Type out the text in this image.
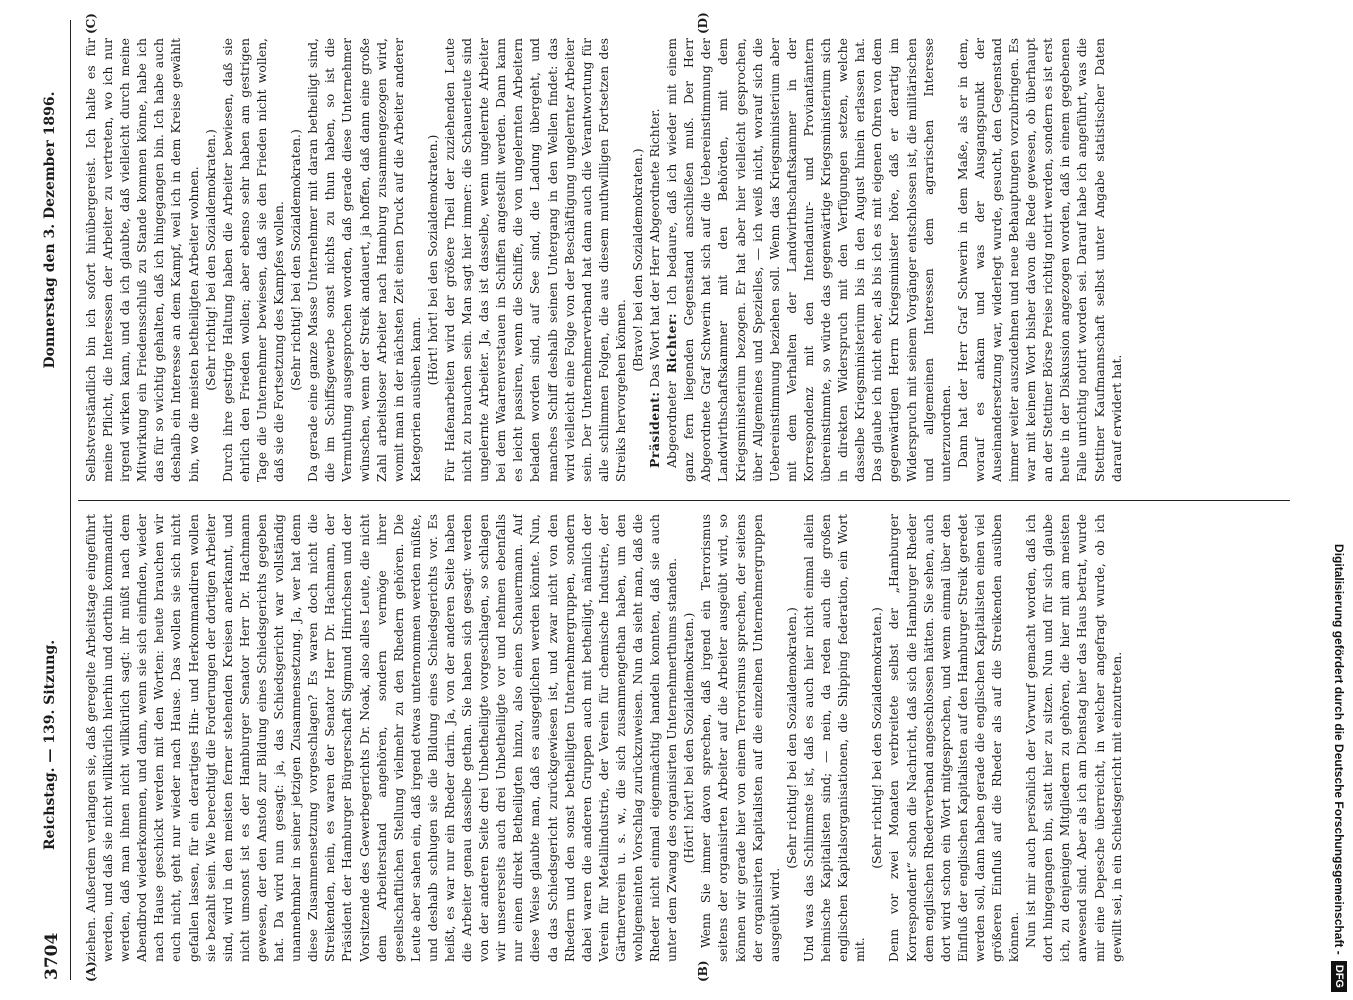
3704
Reichstag. — 139. Sitzung.
Donnerstag den 3. Dezember 1896.
(A)	(B)
(C)	(D)

ziehen. Außerdem verlangen sie, daß geregelte Arbeitstage eingeführt werden, und daß sie nicht willkürlich hierhin und dorthin kommandirt werden, daß man ihnen nicht willkürlich sagt: ihr müßt nach dem Abendbrod wiederkommen, und dann, wenn sie sich einfinden, wieder nach Hause geschickt werden mit den Worten: heute brauchen wir euch nicht, geht nur wieder nach Hause. Das wollen sie sich nicht gefallen lassen, für ein derartiges Hin- und Herkommandiren wollen sie bezahlt sein. Wie berechtigt die Forderungen der dortigen Arbeiter sind, wird in den meisten ferner stehenden Kreisen anerkannt, und nicht umsonst ist es der Hamburger Senator Herr Dr. Hachmann gewesen, der den Anstoß zur Bildung eines Schiedsgerichts gegeben hat. Da wird nun gesagt: ja, das Schiedsgericht war vollständig unannehmbar in seiner jetzigen Zusammensetzung. Ja, wer hat denn diese Zusammensetzung vorgeschlagen? Es waren doch nicht die Streikenden, nein, es waren der Senator Herr Dr. Hachmann, der Präsident der Hamburger Bürgerschaft Sigmund Hinrichsen und der Vorsitzende des Gewerbegerichts Dr. Noak, also alles Leute, die nicht dem Arbeiterstand angehören, sondern vermöge ihrer gesellschaftlichen Stellung vielmehr zu den Rhedern gehören. Die Leute aber sahen ein, daß irgend etwas unternommen werden müßte, und deshalb schlugen sie die Bildung eines Schiedsgerichts vor. Es heißt, es war nur ein Rheder darin. Ja, von der anderen Seite haben die Arbeiter genau dasselbe gethan. Sie haben sich gesagt: werden von der anderen Seite drei Unbetheiligte vorgeschlagen, so schlagen wir unsererseits auch drei Unbetheiligte vor und nehmen ebenfalls nur einen direkt Betheiligten hinzu, also einen Schauermann. Auf diese Weise glaubte man, daß es ausgeglichen werden könnte. Nun, da das Schiedsgericht zurückgewiesen ist, und zwar nicht von den Rhedern und den sonst betheiligten Unternehmergruppen, sondern dabei waren die anderen Gruppen auch mit betheiligt, nämlich der Verein für Metallindustrie, der Verein für chemische Industrie, der Gärtnerverein u. s. w., die sich zusammengethan haben, um den wohlgemeinten Vorschlag zurückzuweisen. Nun da sieht man, daß die Rheder nicht einmal eigenmächtig handeln konnten, daß sie auch unter dem Zwang des organisirten Unternehmerthums standen. (Hört! hört! bei den Sozialdemokraten.) Wenn Sie immer davon sprechen, daß irgend ein Terrorismus seitens der organisirten Arbeiter auf die Arbeiter ausgeübt wird, so können wir gerade hier von einem Terrorismus sprechen, der seitens der organisirten Kapitalisten auf die einzelnen Unternehmergruppen ausgeübt wird.

(Sehr richtig! bei den Sozialdemokraten.) Und was das Schlimmste ist, daß es auch hier nicht einmal allein heimische Kapitalisten sind; — nein, da reden auch die großen englischen Kapitalsorganisationen, die Shipping federation, ein Wort mit.

(Sehr richtig! bei den Sozialdemokraten.) Denn vor zwei Monaten verbreitete selbst der „Hamburger Korrespondent“ schon die Nachricht, daß sich die Hamburger Rheder dem englischen Rhederverband angeschlossen hätten. Sie sehen, auch dort wird schon ein Wort mitgesprochen, und wenn einmal über den Einfluß der englischen Kapitalisten auf den Hamburger Streik geredet werden soll, dann haben gerade die englischen Kapitalisten einen viel größeren Einfluß auf die Rheder als auf die Streikenden ausüben können. Nun ist mir auch persönlich der Vorwurf gemacht worden, daß ich dort hingegangen bin, statt hier zu sitzen. Nun und für sich glaube ich, zu denjenigen Mitgliedern zu gehören, die hier mit am meisten anwesend sind. Aber als ich am Dienstag hier das Haus betrat, wurde mir eine Depesche überreicht, in welcher angefragt wurde, ob ich gewillt sei, in ein Schiedsgericht mit einzutreten.

Selbstverständlich bin ich sofort hinübergereist. Ich halte es für meine Pflicht, die Interessen der Arbeiter zu vertreten, wo ich nur irgend wirken kann, und da ich glaubte, daß vielleicht durch meine Mitwirkung ein Friedensschluß zu Stande kommen könne, habe ich das für so wichtig gehalten, daß ich hingegangen bin. Ich habe auch deshalb ein Interesse an dem Kampf, weil ich in dem Kreise gewählt bin, wo die meisten betheiligten Arbeiter wohnen. (Sehr richtig! bei den Sozialdemokraten.) Durch ihre gestrige Haltung haben die Arbeiter bewiesen, daß sie ehrlich den Frieden wollen; aber ebenso sehr haben am gestrigen Tage die Unternehmer bewiesen, daß sie den Frieden nicht wollen, daß sie die Fortsetzung des Kampfes wollen. (Sehr richtig! bei den Sozialdemokraten.) Da gerade eine ganze Masse Unternehmer mit daran betheiligt sind, die im Schiffsgewerbe sonst nichts zu thun haben, so ist die Vermuthung ausgesprochen worden, daß gerade diese Unternehmer wünschen, wenn der Streik andauert, ja hoffen, daß dann eine große Zahl arbeitsloser Arbeiter nach Hamburg zusammengezogen wird, womit man in der nächsten Zeit einen Druck auf die Arbeiter anderer Kategorien ausüben kann.

(Hört! hört! bei den Sozialdemokraten.) Für Hafenarbeiten wird der größere Theil der zuziehenden Leute nicht zu brauchen sein. Man sagt hier immer: die Schauerleute sind ungelernte Arbeiter. Ja, das ist dasselbe, wenn ungelernte Arbeiter bei dem Waarenverstauen in Schiffen angestellt werden. Dann kann es leicht passiren, wenn die Schiffe, die von ungelernten Arbeitern beladen worden sind, auf See sind, die Ladung übergeht, und manches Schiff deshalb seinen Untergang in den Wellen findet: das wird vielleicht eine Folge von der Beschäftigung ungelernter Arbeiter sein. Der Unternehmerverband hat dann auch die Verantwortung für alle schlimmen Folgen, die aus diesem muthwilligen Fortsetzen des Streiks hervorgehen können.

(Bravo! bei den Sozialdemokraten.)

Präsident: Das Wort hat der Herr Abgeordnete Richter.

Abgeordneter Richter: Ich bedaure, daß ich wieder mit einem ganz fern liegenden Gegenstand anschließen muß. Der Herr Abgeordnete Graf Schwerin hat sich auf die Uebereinstimmung der Landwirthschaftskammer mit den Behörden, mit dem Kriegsministerium bezogen. Er hat aber hier vielleicht gesprochen, über Allgemeines und Spezielles, — ich weiß nicht, worauf sich die Uebereinstimmung beziehen soll. Wenn das Kriegsministerium aber mit dem Verhalten der Landwirthschaftskammer in der Korrespondenz mit den Intendantur- und Proviantämtern übereinstimmte, so würde das gegenwärtige Kriegsministerium sich in direkten Widerspruch mit den Verfügungen setzen, welche dasselbe Kriegsministerium bis in den August hinein erlassen hat. Das glaube ich nicht eher, als bis ich es mit eigenen Ohren von dem gegenwärtigen Herrn Kriegsminister höre, daß er derartig im Widerspruch mit seinem Vorgänger entschlossen ist, die militärischen und allgemeinen Interessen dem agrarischen Interesse unterzuordnen. Dann hat der Herr Graf Schwerin in dem Maße, als er in dem, worauf es ankam und was der Ausgangspunkt der Auseinandersetzung war, widerlegt wurde, gesucht, den Gegenstand immer weiter auszudehnen und neue Behauptungen vorzubringen. Es war mit keinem Wort bisher davon die Rede gewesen, ob überhaupt an der Stettiner Börse Preise richtig notirt werden, sondern es ist erst heute in der Diskussion angezogen worden, daß in einem gegebenen Falle unrichtig notirt worden sei. Darauf habe ich angeführt, was die Stettiner Kaufmannschaft selbst unter Angabe statistischer Daten darauf erwidert hat.

Digitalisierung gefördert durch die Deutsche Forschungsgemeinschaft -
DFG
